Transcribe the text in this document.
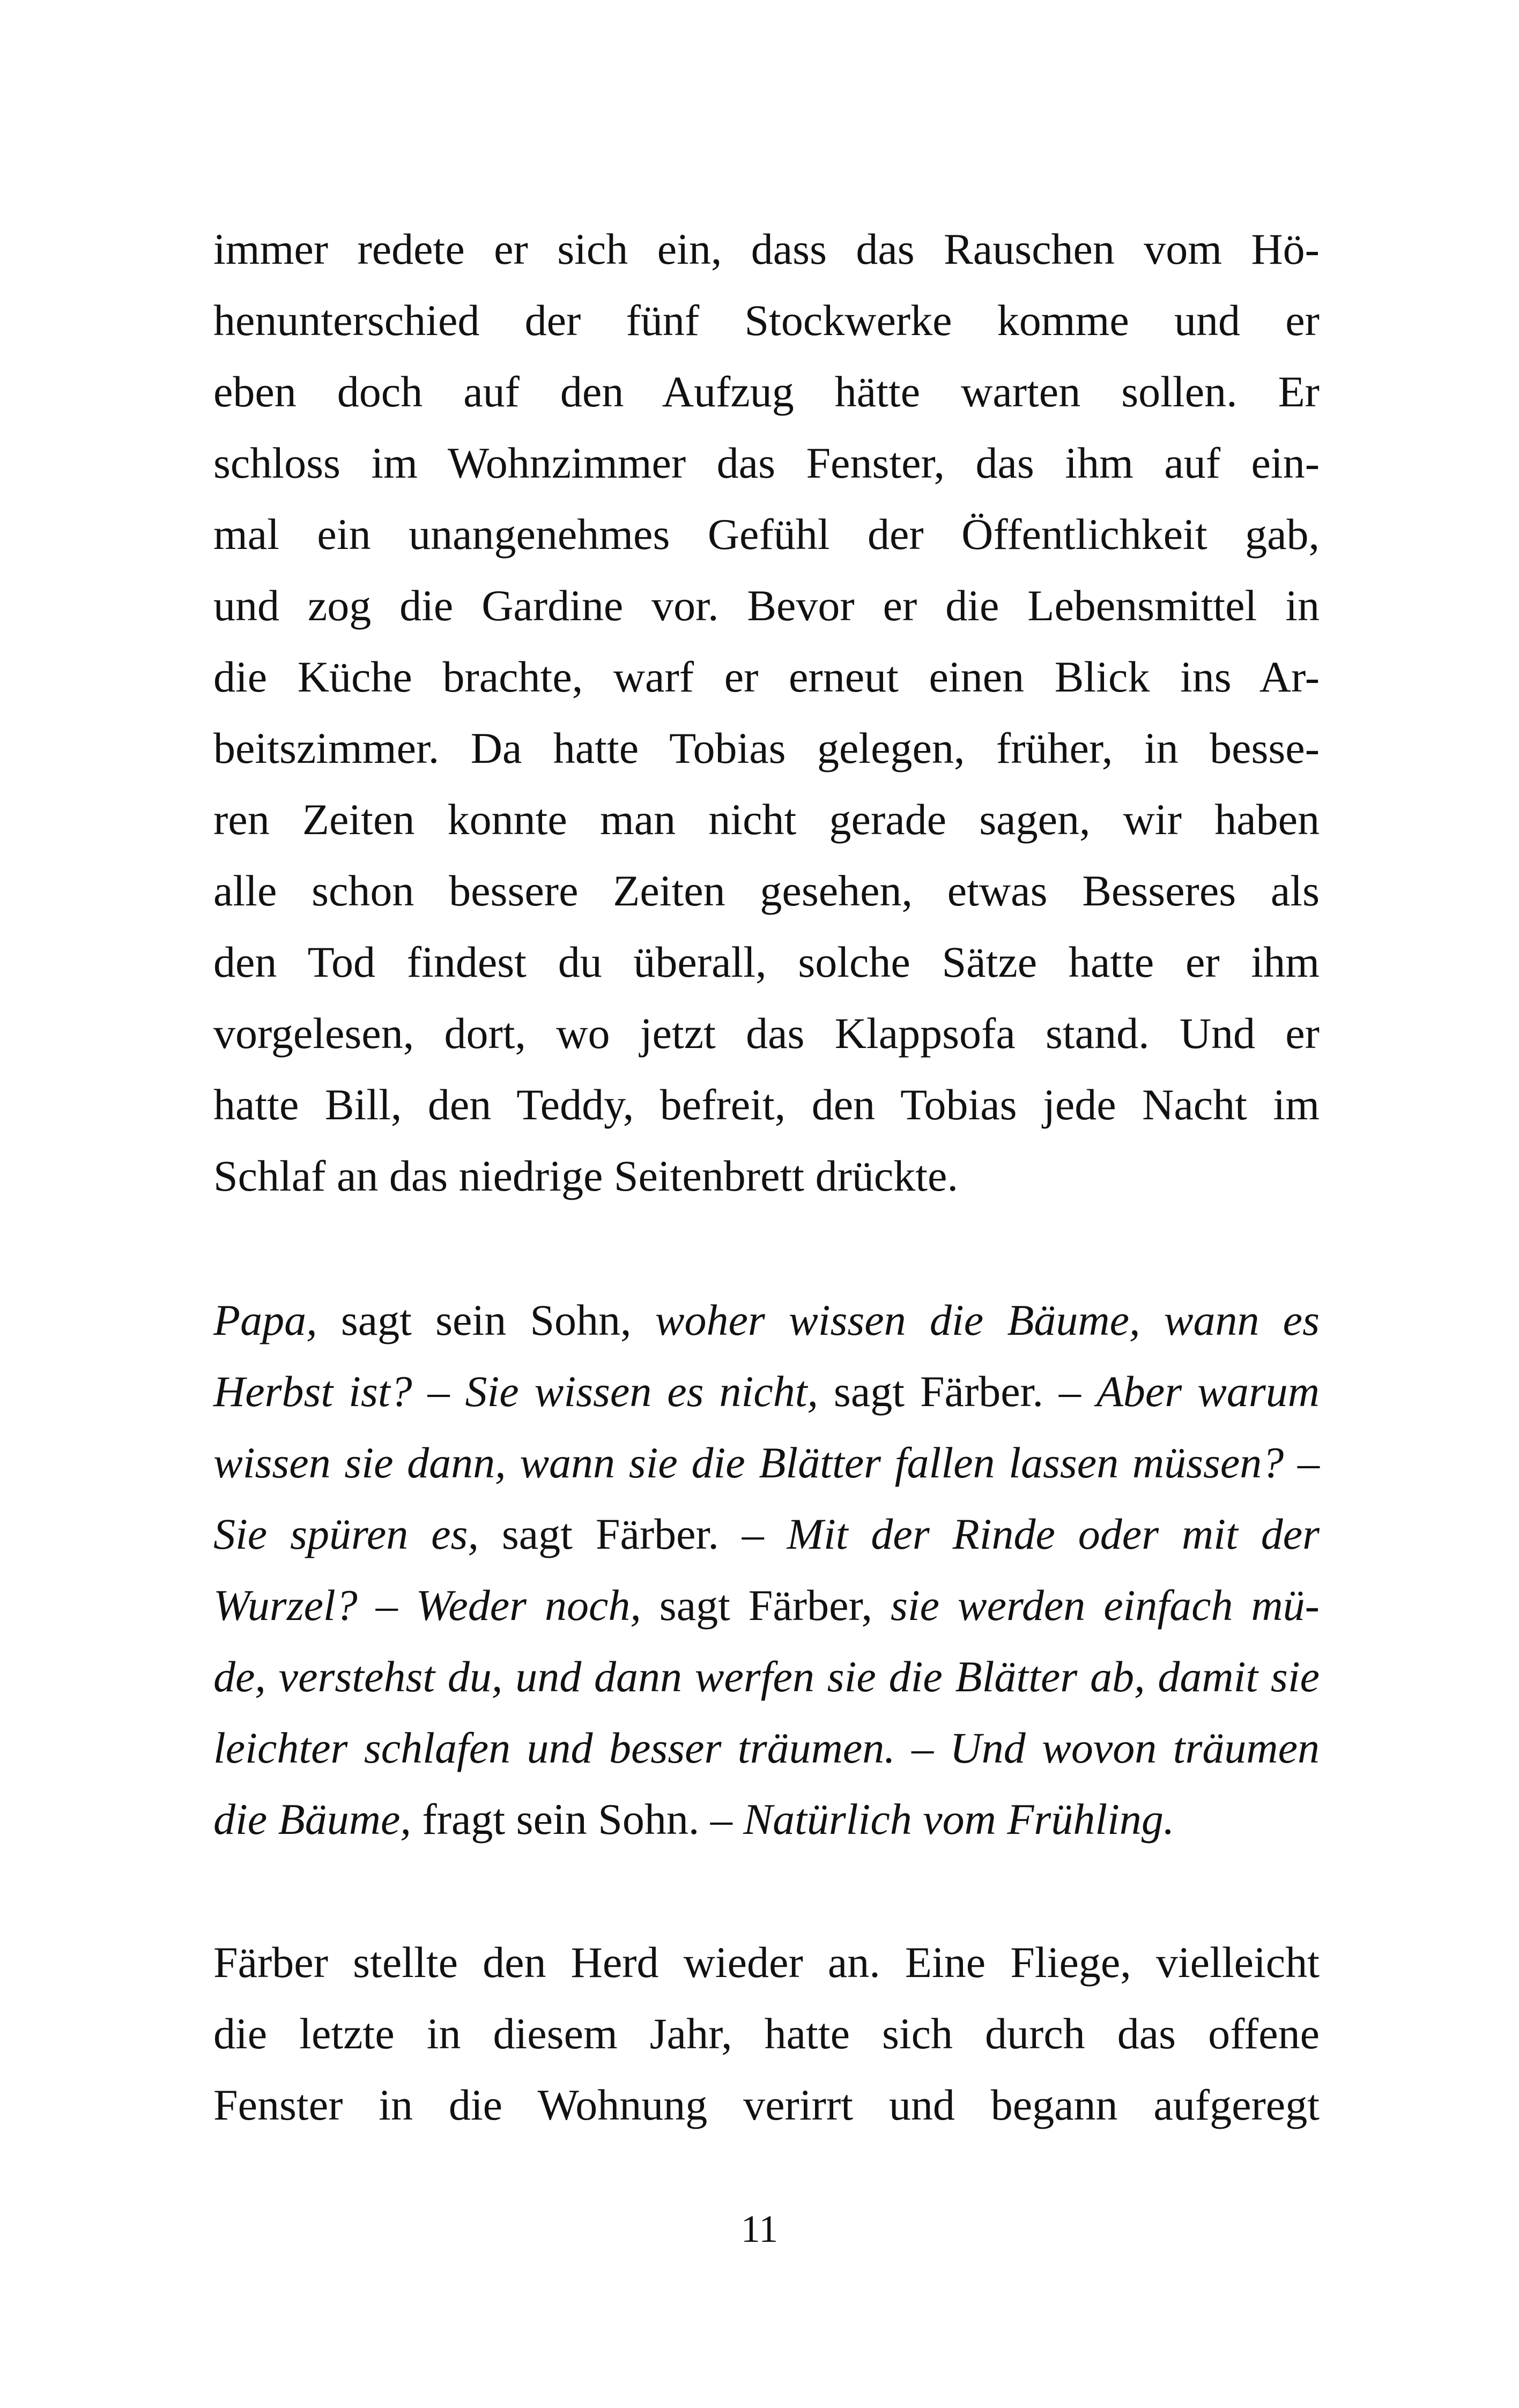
immer redete er sich ein, dass das Rauschen vom Hö-
henunterschied der fünf Stockwerke komme und er
eben doch auf den Aufzug hätte warten sollen. Er
schloss im Wohnzimmer das Fenster, das ihm auf ein-
mal ein unangenehmes Gefühl der Öffentlichkeit gab,
und zog die Gardine vor. Bevor er die Lebensmittel in
die Küche brachte, warf er erneut einen Blick ins Ar-
beitszimmer. Da hatte Tobias gelegen, früher, in besse-
ren Zeiten konnte man nicht gerade sagen, wir haben
alle schon bessere Zeiten gesehen, etwas Besseres als
den Tod findest du überall, solche Sätze hatte er ihm
vorgelesen, dort, wo jetzt das Klappsofa stand. Und er
hatte Bill, den Teddy, befreit, den Tobias jede Nacht im
Schlaf an das niedrige Seitenbrett drückte.
Papa, sagt sein Sohn, woher wissen die Bäume, wann es
Herbst ist? – Sie wissen es nicht, sagt Färber. – Aber warum
wissen sie dann, wann sie die Blätter fallen lassen müssen? –
Sie spüren es, sagt Färber. – Mit der Rinde oder mit der
Wurzel? – Weder noch, sagt Färber, sie werden einfach mü-
de, verstehst du, und dann werfen sie die Blätter ab, damit sie
leichter schlafen und besser träumen. – Und wovon träumen
die Bäume, fragt sein Sohn. – Natürlich vom Frühling.
Färber stellte den Herd wieder an. Eine Fliege, vielleicht
die letzte in diesem Jahr, hatte sich durch das offene
Fenster in die Wohnung verirrt und begann aufgeregt
11
